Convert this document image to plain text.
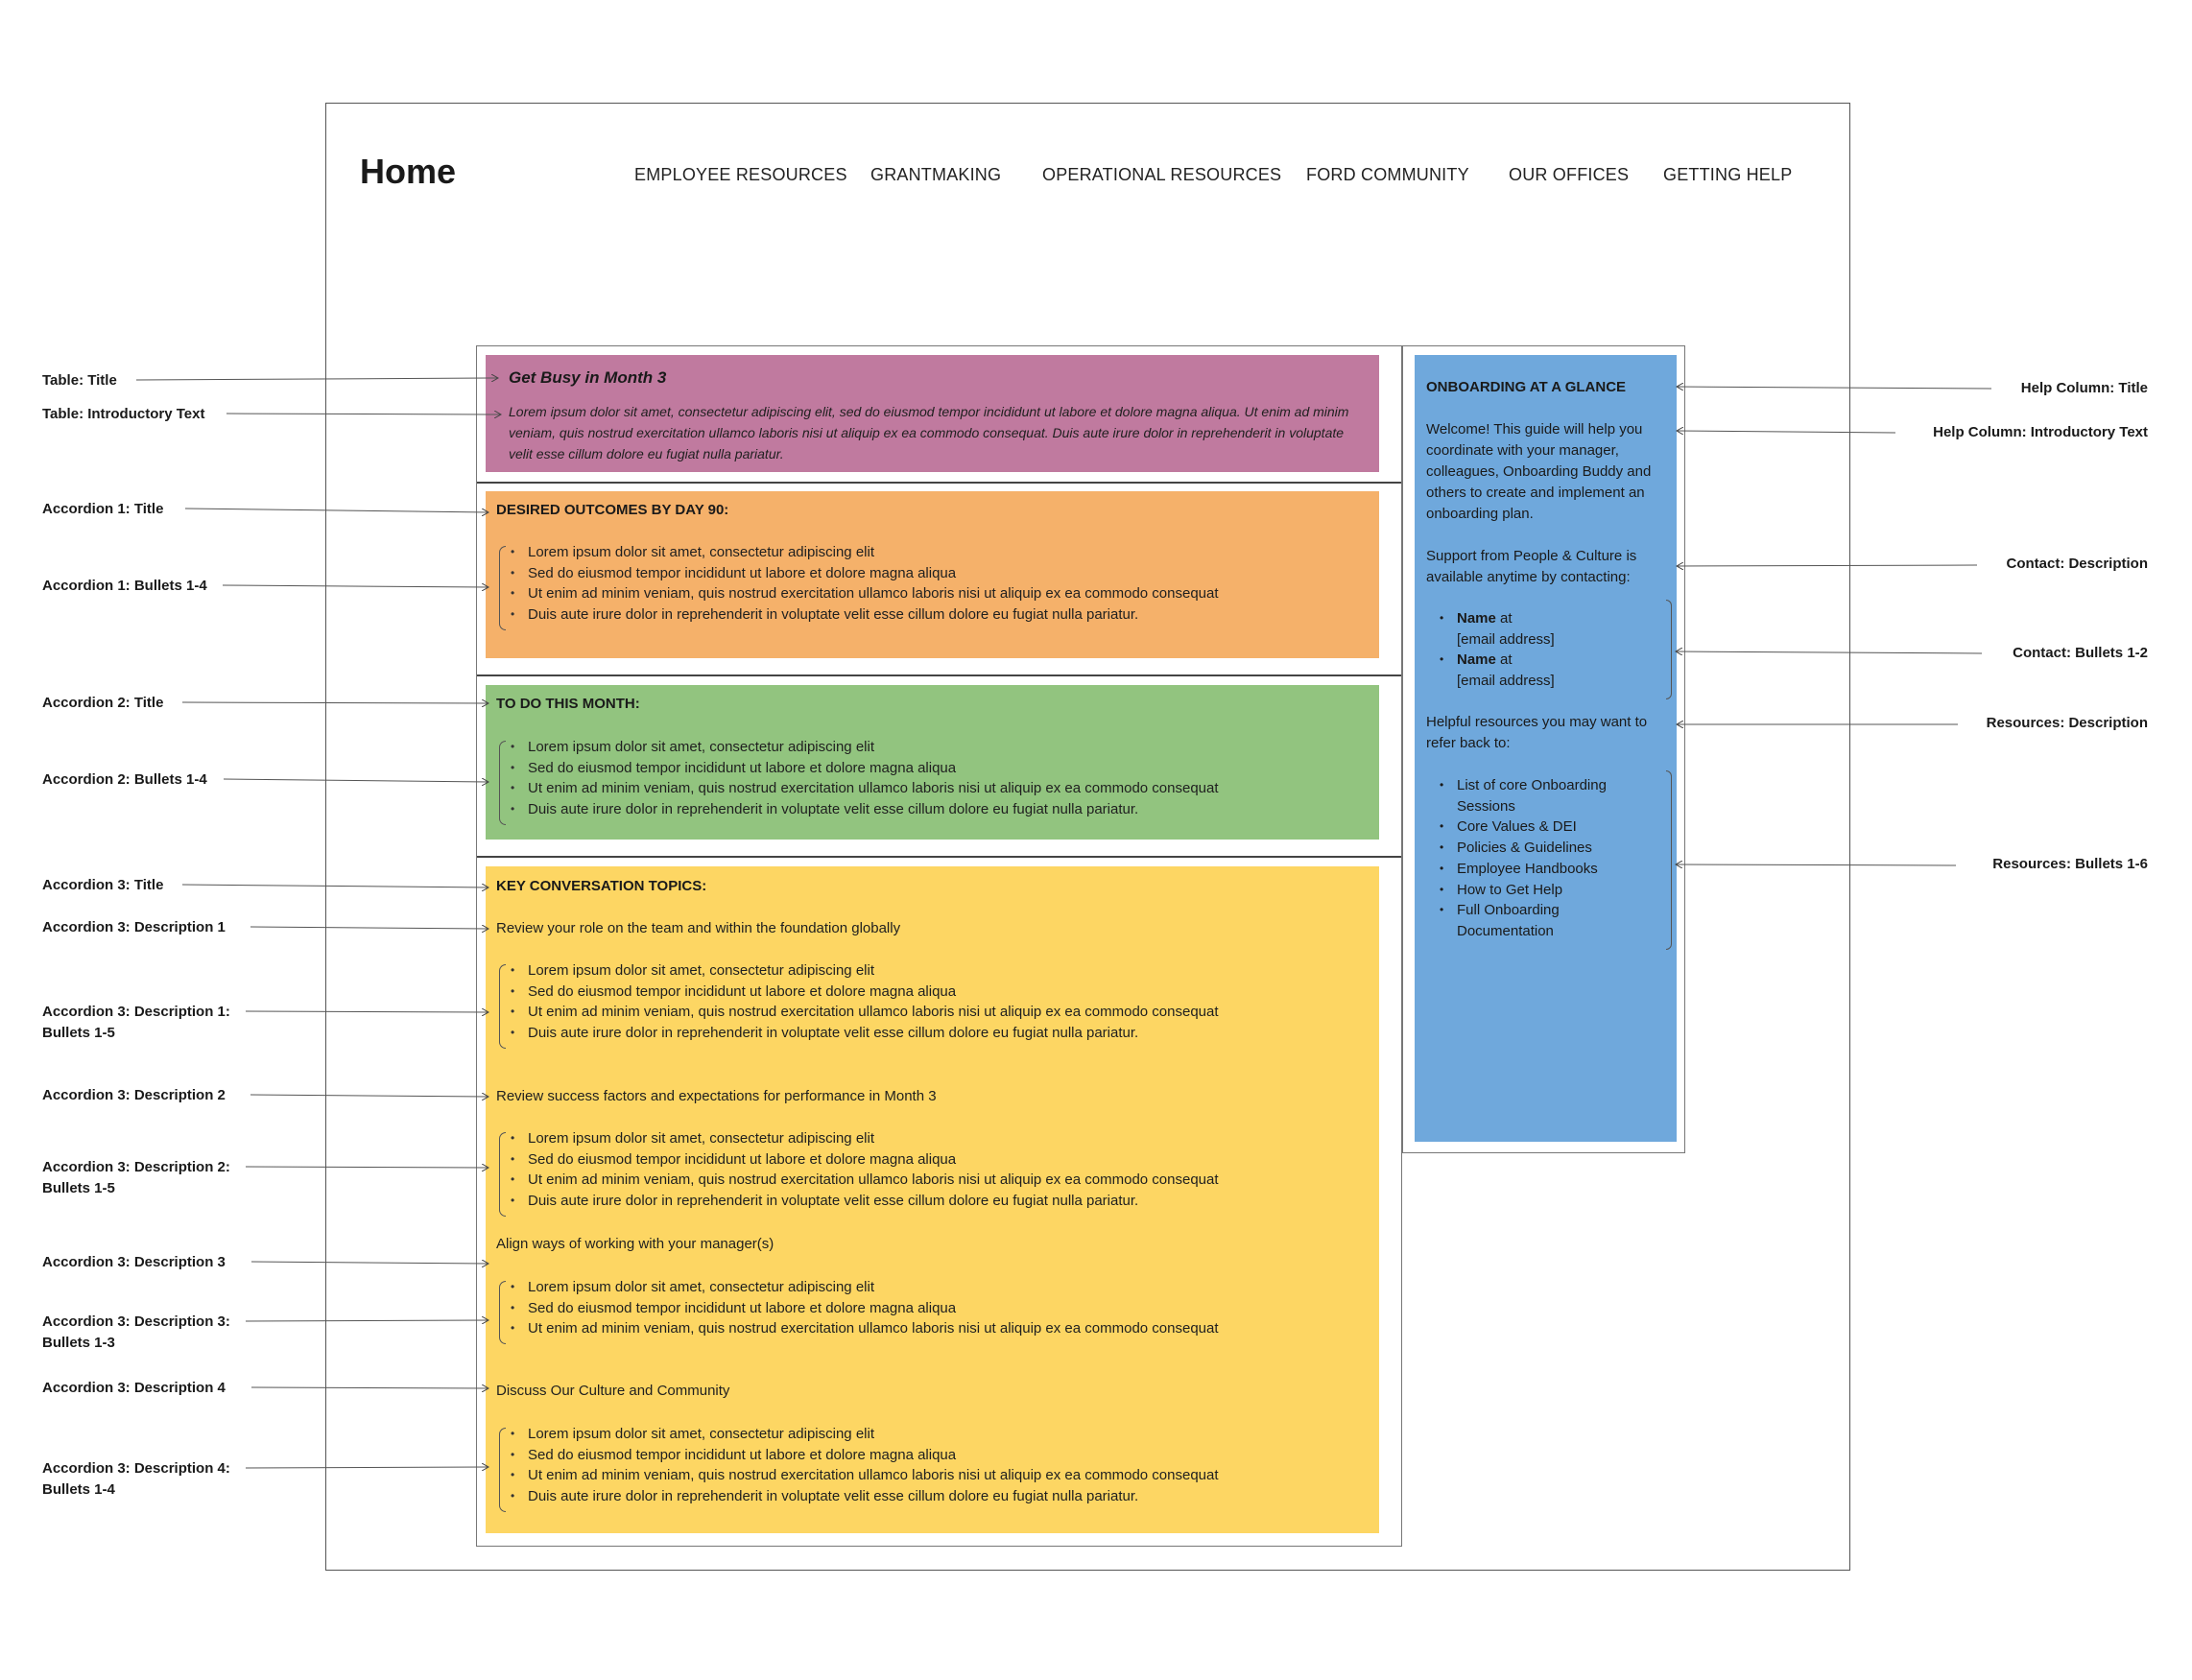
Home	EMPLOYEE RESOURCES GRANTMAKING OPERATIONAL RESOURCES FORD COMMUNITY OUR OFFICES GETTING HELP
Get Busy in Month 3
Lorem ipsum dolor sit amet, consectetur adipiscing elit, sed do eiusmod tempor incididunt ut labore et dolore magna aliqua. Ut enim ad minim veniam, quis nostrud exercitation ullamco laboris nisi ut aliquip ex ea commodo consequat. Duis aute irure dolor in reprehenderit in voluptate velit esse cillum dolore eu fugiat nulla pariatur.
DESIRED OUTCOMES BY DAY 90:
• Lorem ipsum dolor sit amet, consectetur adipiscing elit
• Sed do eiusmod tempor incididunt ut labore et dolore magna aliqua
• Ut enim ad minim veniam, quis nostrud exercitation ullamco laboris nisi ut aliquip ex ea commodo consequat
• Duis aute irure dolor in reprehenderit in voluptate velit esse cillum dolore eu fugiat nulla pariatur.
TO DO THIS MONTH:
• Lorem ipsum dolor sit amet, consectetur adipiscing elit
• Sed do eiusmod tempor incididunt ut labore et dolore magna aliqua
• Ut enim ad minim veniam, quis nostrud exercitation ullamco laboris nisi ut aliquip ex ea commodo consequat
• Duis aute irure dolor in reprehenderit in voluptate velit esse cillum dolore eu fugiat nulla pariatur.
KEY CONVERSATION TOPICS:
Review your role on the team and within the foundation globally
• Lorem ipsum dolor sit amet, consectetur adipiscing elit
• Sed do eiusmod tempor incididunt ut labore et dolore magna aliqua
• Ut enim ad minim veniam, quis nostrud exercitation ullamco laboris nisi ut aliquip ex ea commodo consequat
• Duis aute irure dolor in reprehenderit in voluptate velit esse cillum dolore eu fugiat nulla pariatur.
Review success factors and expectations for performance in Month 3
• Lorem ipsum dolor sit amet, consectetur adipiscing elit
• Sed do eiusmod tempor incididunt ut labore et dolore magna aliqua
• Ut enim ad minim veniam, quis nostrud exercitation ullamco laboris nisi ut aliquip ex ea commodo consequat
• Duis aute irure dolor in reprehenderit in voluptate velit esse cillum dolore eu fugiat nulla pariatur.
Align ways of working with your manager(s)
• Lorem ipsum dolor sit amet, consectetur adipiscing elit
• Sed do eiusmod tempor incididunt ut labore et dolore magna aliqua
• Ut enim ad minim veniam, quis nostrud exercitation ullamco laboris nisi ut aliquip ex ea commodo consequat
Discuss Our Culture and Community
• Lorem ipsum dolor sit amet, consectetur adipiscing elit
• Sed do eiusmod tempor incididunt ut labore et dolore magna aliqua
• Ut enim ad minim veniam, quis nostrud exercitation ullamco laboris nisi ut aliquip ex ea commodo consequat
• Duis aute irure dolor in reprehenderit in voluptate velit esse cillum dolore eu fugiat nulla pariatur.
ONBOARDING AT A GLANCE
Welcome! This guide will help you coordinate with your manager, colleagues, Onboarding Buddy and others to create and implement an onboarding plan.
Support from People & Culture is available anytime by contacting:
• Name at
[email address]
• Name at
[email address]
Helpful resources you may want to refer back to:
• List of core Onboarding Sessions
• Core Values & DEI
• Policies & Guidelines
• Employee Handbooks
• How to Get Help
• Full Onboarding Documentation
Table: Title
Table: Introductory Text
Accordion 1: Title
Accordion 1: Bullets 1-4
Accordion 2: Title
Accordion 2: Bullets 1-4
Accordion 3: Title
Accordion 3: Description 1
Accordion 3: Description 1: Bullets 1-5
Accordion 3: Description 2
Accordion 3: Description 2: Bullets 1-5
Accordion 3: Description 3
Accordion 3: Description 3: Bullets 1-3
Accordion 3: Description 4
Accordion 3: Description 4: Bullets 1-4
Help Column: Title
Help Column: Introductory Text
Contact: Description
Contact: Bullets 1-2
Resources: Description
Resources: Bullets 1-6
